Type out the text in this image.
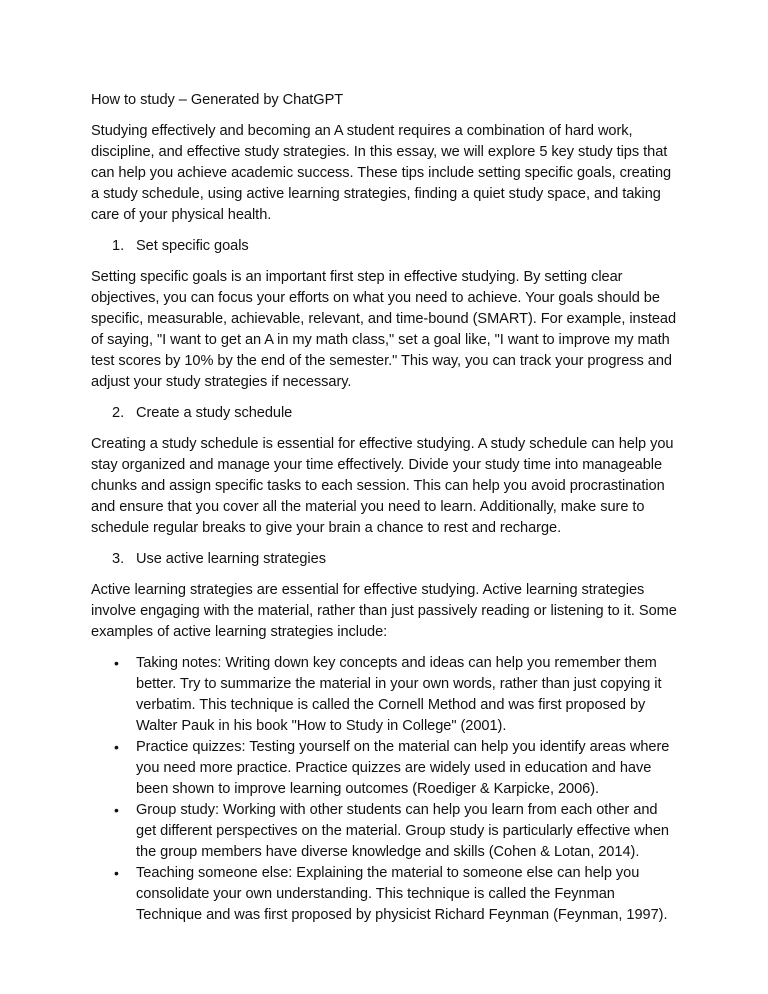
How to study – Generated by ChatGPT

Studying effectively and becoming an A student requires a combination of hard work, discipline, and effective study strategies. In this essay, we will explore 5 key study tips that can help you achieve academic success. These tips include setting specific goals, creating a study schedule, using active learning strategies, finding a quiet study space, and taking care of your physical health.

1. Set specific goals

Setting specific goals is an important first step in effective studying. By setting clear objectives, you can focus your efforts on what you need to achieve. Your goals should be specific, measurable, achievable, relevant, and time-bound (SMART). For example, instead of saying, "I want to get an A in my math class," set a goal like, "I want to improve my math test scores by 10% by the end of the semester." This way, you can track your progress and adjust your study strategies if necessary.

2. Create a study schedule

Creating a study schedule is essential for effective studying. A study schedule can help you stay organized and manage your time effectively. Divide your study time into manageable chunks and assign specific tasks to each session. This can help you avoid procrastination and ensure that you cover all the material you need to learn. Additionally, make sure to schedule regular breaks to give your brain a chance to rest and recharge.

3. Use active learning strategies

Active learning strategies are essential for effective studying. Active learning strategies involve engaging with the material, rather than just passively reading or listening to it. Some examples of active learning strategies include:

• Taking notes: Writing down key concepts and ideas can help you remember them better. Try to summarize the material in your own words, rather than just copying it verbatim. This technique is called the Cornell Method and was first proposed by Walter Pauk in his book "How to Study in College" (2001).
• Practice quizzes: Testing yourself on the material can help you identify areas where you need more practice. Practice quizzes are widely used in education and have been shown to improve learning outcomes (Roediger & Karpicke, 2006).
• Group study: Working with other students can help you learn from each other and get different perspectives on the material. Group study is particularly effective when the group members have diverse knowledge and skills (Cohen & Lotan, 2014).
• Teaching someone else: Explaining the material to someone else can help you consolidate your own understanding. This technique is called the Feynman Technique and was first proposed by physicist Richard Feynman (Feynman, 1997).
